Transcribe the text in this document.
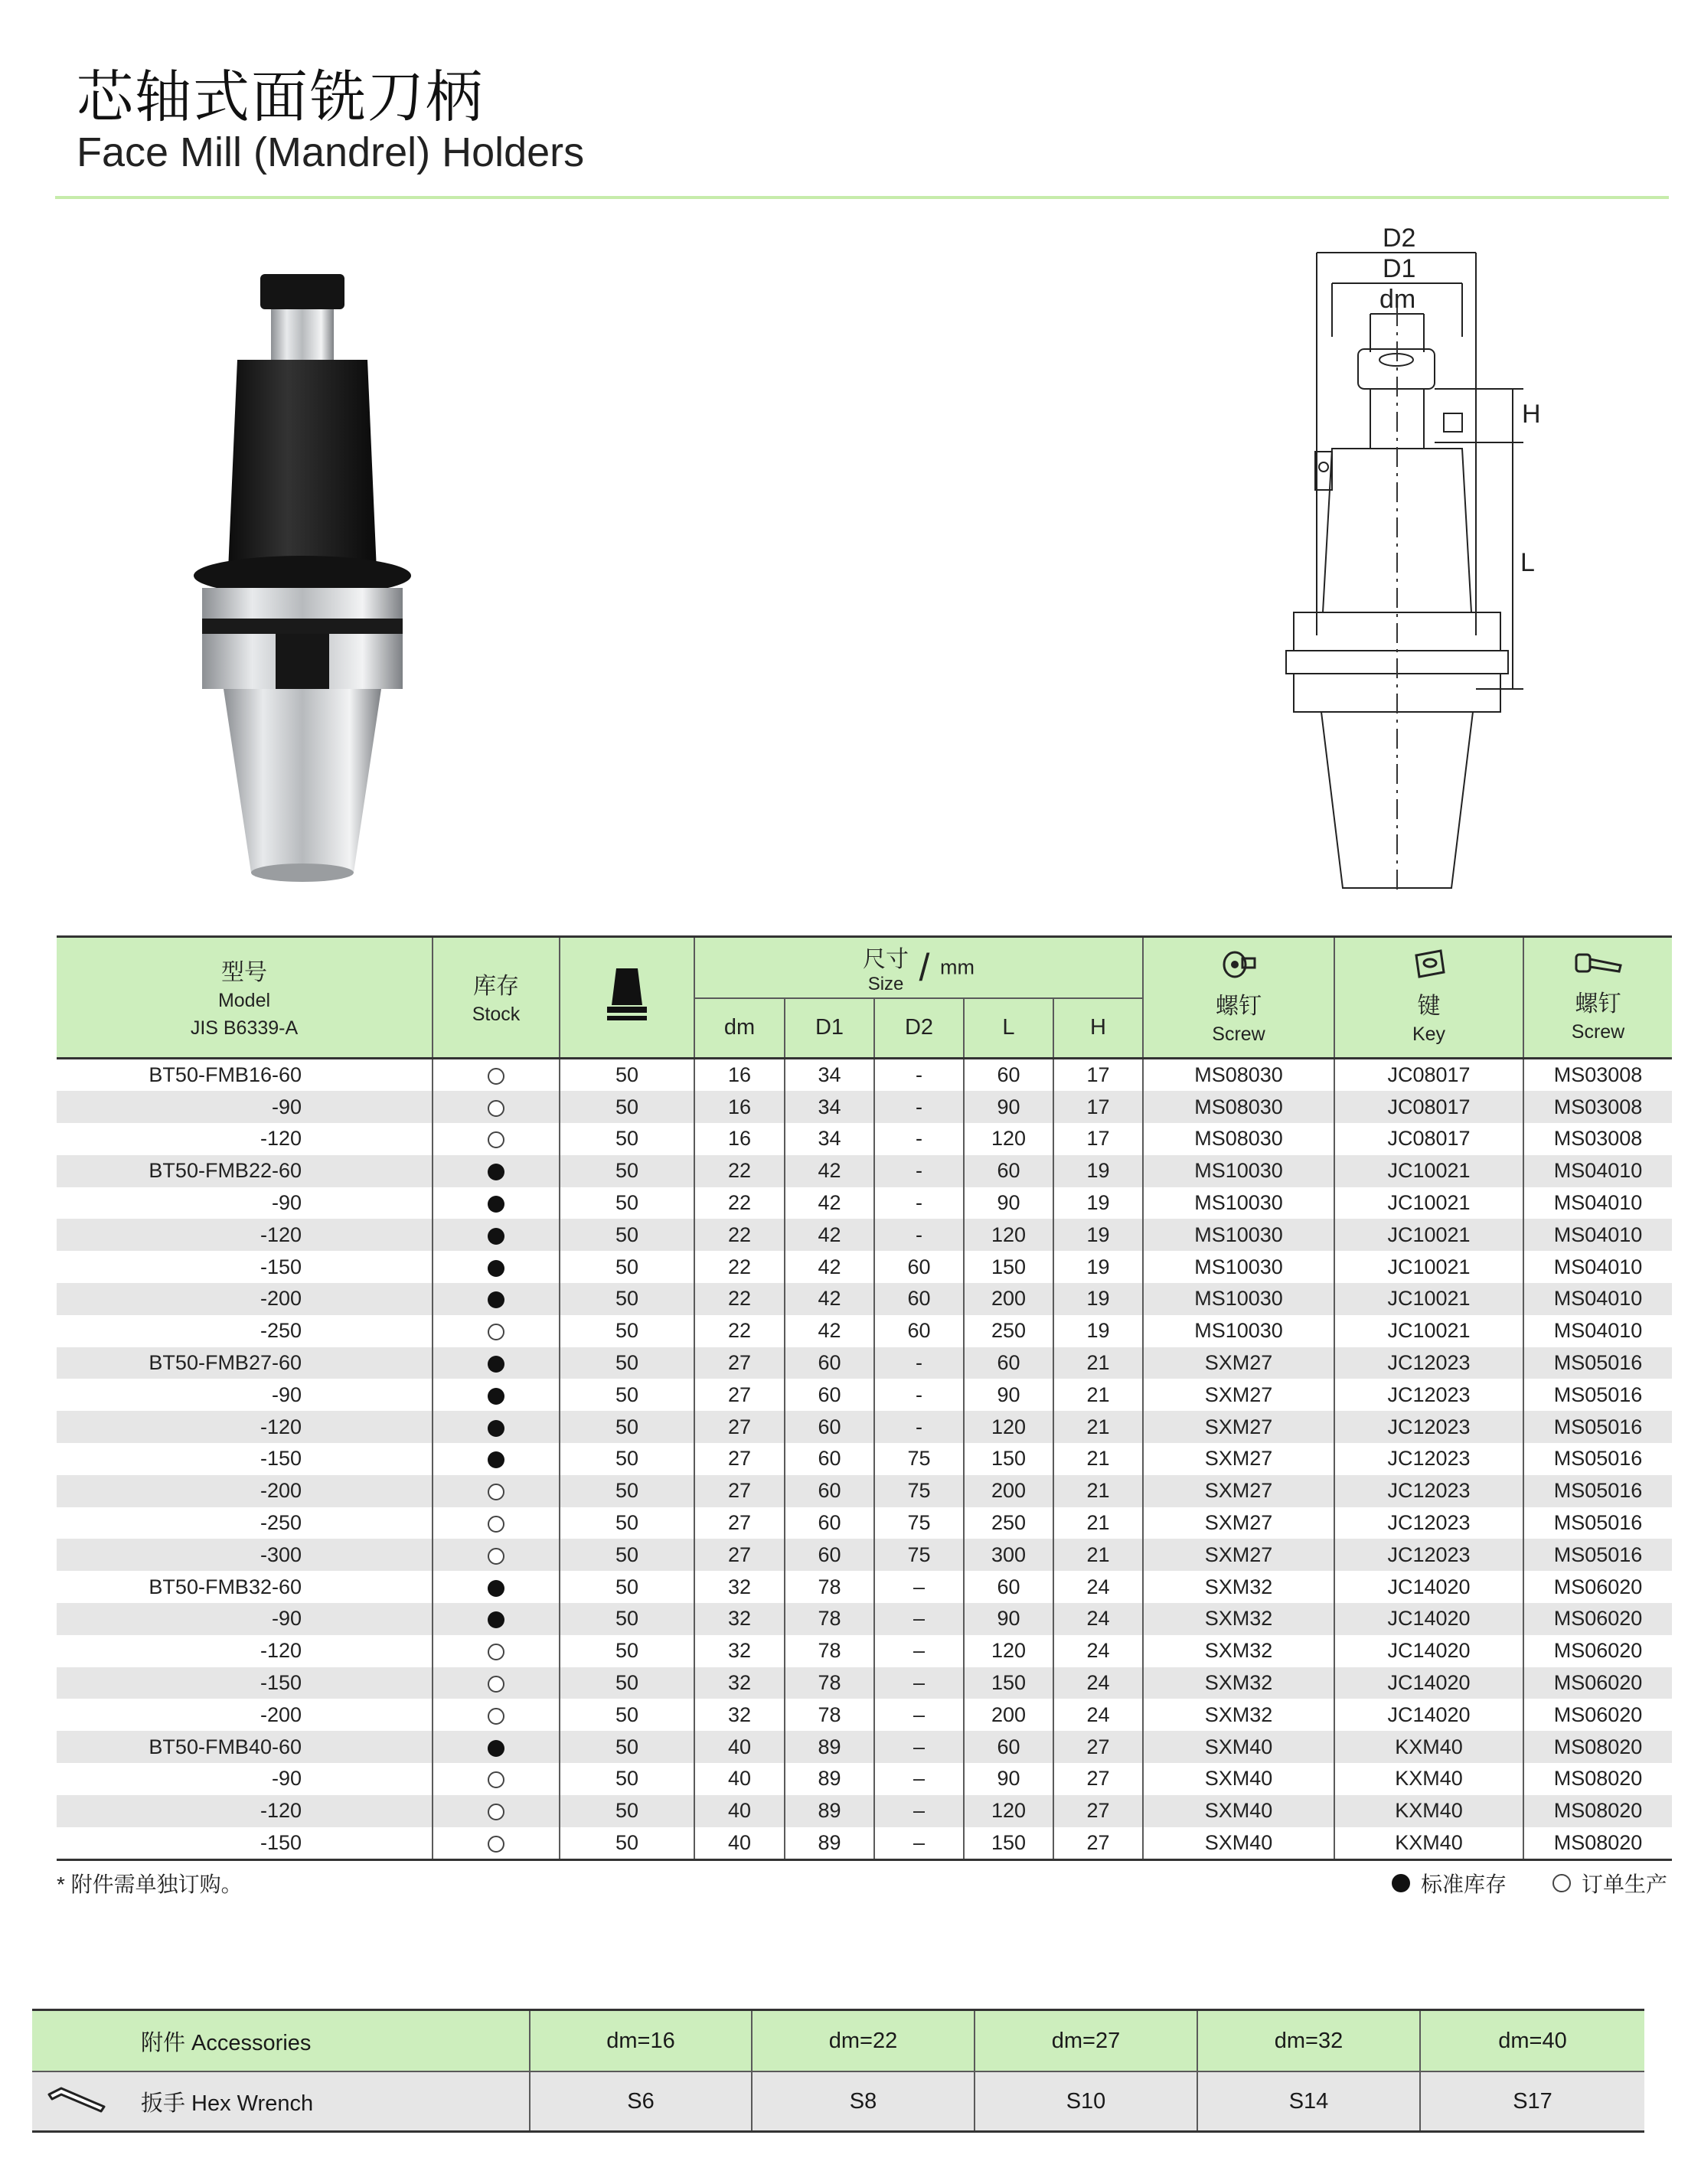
芯轴式面铣刀柄
Face Mill (Mandrel) Holders
D2
D1
dm
H
L
型号
Model
JIS B6339-A	库存
Stock		尺寸
Size / mm					螺钉
Screw	键
Key	螺钉
Screw

			dm	D1	D2	L	H			
BT50-FMB16-60		50	16	34	-	60	17	MS08030	JC08017	MS03008
-90		50	16	34	-	90	17	MS08030	JC08017	MS03008
-120		50	16	34	-	120	17	MS08030	JC08017	MS03008
BT50-FMB22-60		50	22	42	-	60	19	MS10030	JC10021	MS04010
-90		50	22	42	-	90	19	MS10030	JC10021	MS04010
-120		50	22	42	-	120	19	MS10030	JC10021	MS04010
-150		50	22	42	60	150	19	MS10030	JC10021	MS04010
-200		50	22	42	60	200	19	MS10030	JC10021	MS04010
-250		50	22	42	60	250	19	MS10030	JC10021	MS04010
BT50-FMB27-60		50	27	60	-	60	21	SXM27	JC12023	MS05016
-90		50	27	60	-	90	21	SXM27	JC12023	MS05016
-120		50	27	60	-	120	21	SXM27	JC12023	MS05016
-150		50	27	60	75	150	21	SXM27	JC12023	MS05016
-200		50	27	60	75	200	21	SXM27	JC12023	MS05016
-250		50	27	60	75	250	21	SXM27	JC12023	MS05016
-300		50	27	60	75	300	21	SXM27	JC12023	MS05016
BT50-FMB32-60		50	32	78	–	60	24	SXM32	JC14020	MS06020
-90		50	32	78	–	90	24	SXM32	JC14020	MS06020
-120		50	32	78	–	120	24	SXM32	JC14020	MS06020
-150		50	32	78	–	150	24	SXM32	JC14020	MS06020
-200		50	32	78	–	200	24	SXM32	JC14020	MS06020
BT50-FMB40-60		50	40	89	–	60	27	SXM40	KXM40	MS08020
-90		50	40	89	–	90	27	SXM40	KXM40	MS08020
-120		50	40	89	–	120	27	SXM40	KXM40	MS08020
-150		50	40	89	–	150	27	SXM40	KXM40	MS08020
* 附件需单独订购。	标准库存	订单生产
附件 Accessories	dm=16	dm=22	dm=27	dm=32	dm=40
扳手 Hex Wrench	S6	S8	S10	S14	S17
